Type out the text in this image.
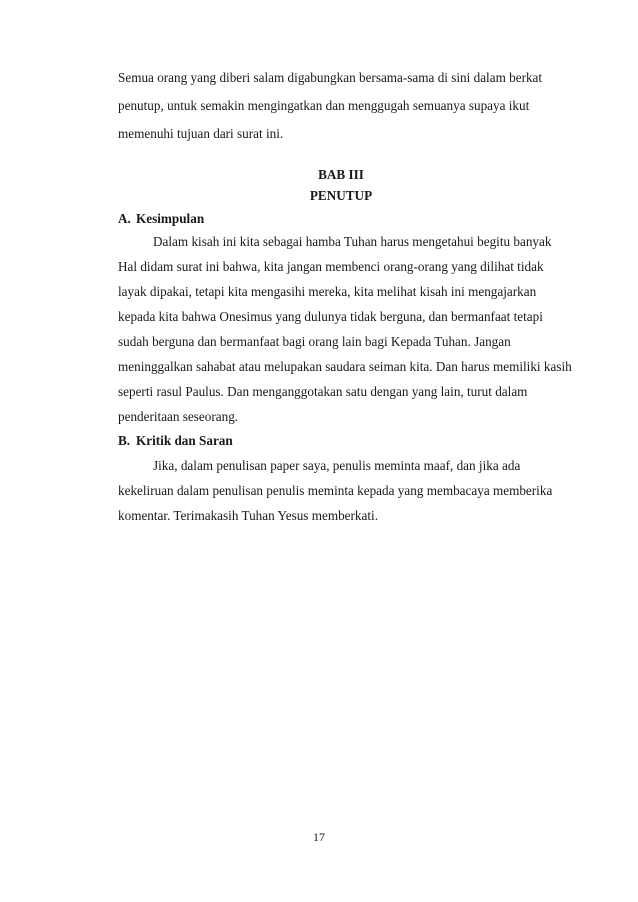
Semua orang yang diberi salam digabungkan bersama-sama di sini dalam berkat
penutup, untuk semakin mengingatkan dan menggugah semuanya supaya ikut
memenuhi tujuan dari surat ini.
BAB III
PENUTUP
A. Kesimpulan
Dalam kisah ini kita sebagai hamba Tuhan harus mengetahui begitu banyak
Hal didam surat ini bahwa, kita jangan membenci orang-orang yang dilihat tidak
layak dipakai, tetapi kita mengasihi mereka, kita melihat kisah ini mengajarkan
kepada kita bahwa Onesimus yang dulunya tidak berguna, dan bermanfaat tetapi
sudah berguna dan bermanfaat bagi orang lain bagi Kepada Tuhan. Jangan
meninggalkan sahabat atau melupakan saudara seiman kita. Dan harus memiliki kasih
seperti rasul Paulus. Dan menganggotakan satu dengan yang lain, turut dalam
penderitaan seseorang.
B. Kritik dan Saran
Jika, dalam penulisan paper saya, penulis meminta maaf, dan jika ada
kekeliruan dalam penulisan penulis meminta kepada yang membacaya memberika
komentar. Terimakasih Tuhan Yesus memberkati.
17
